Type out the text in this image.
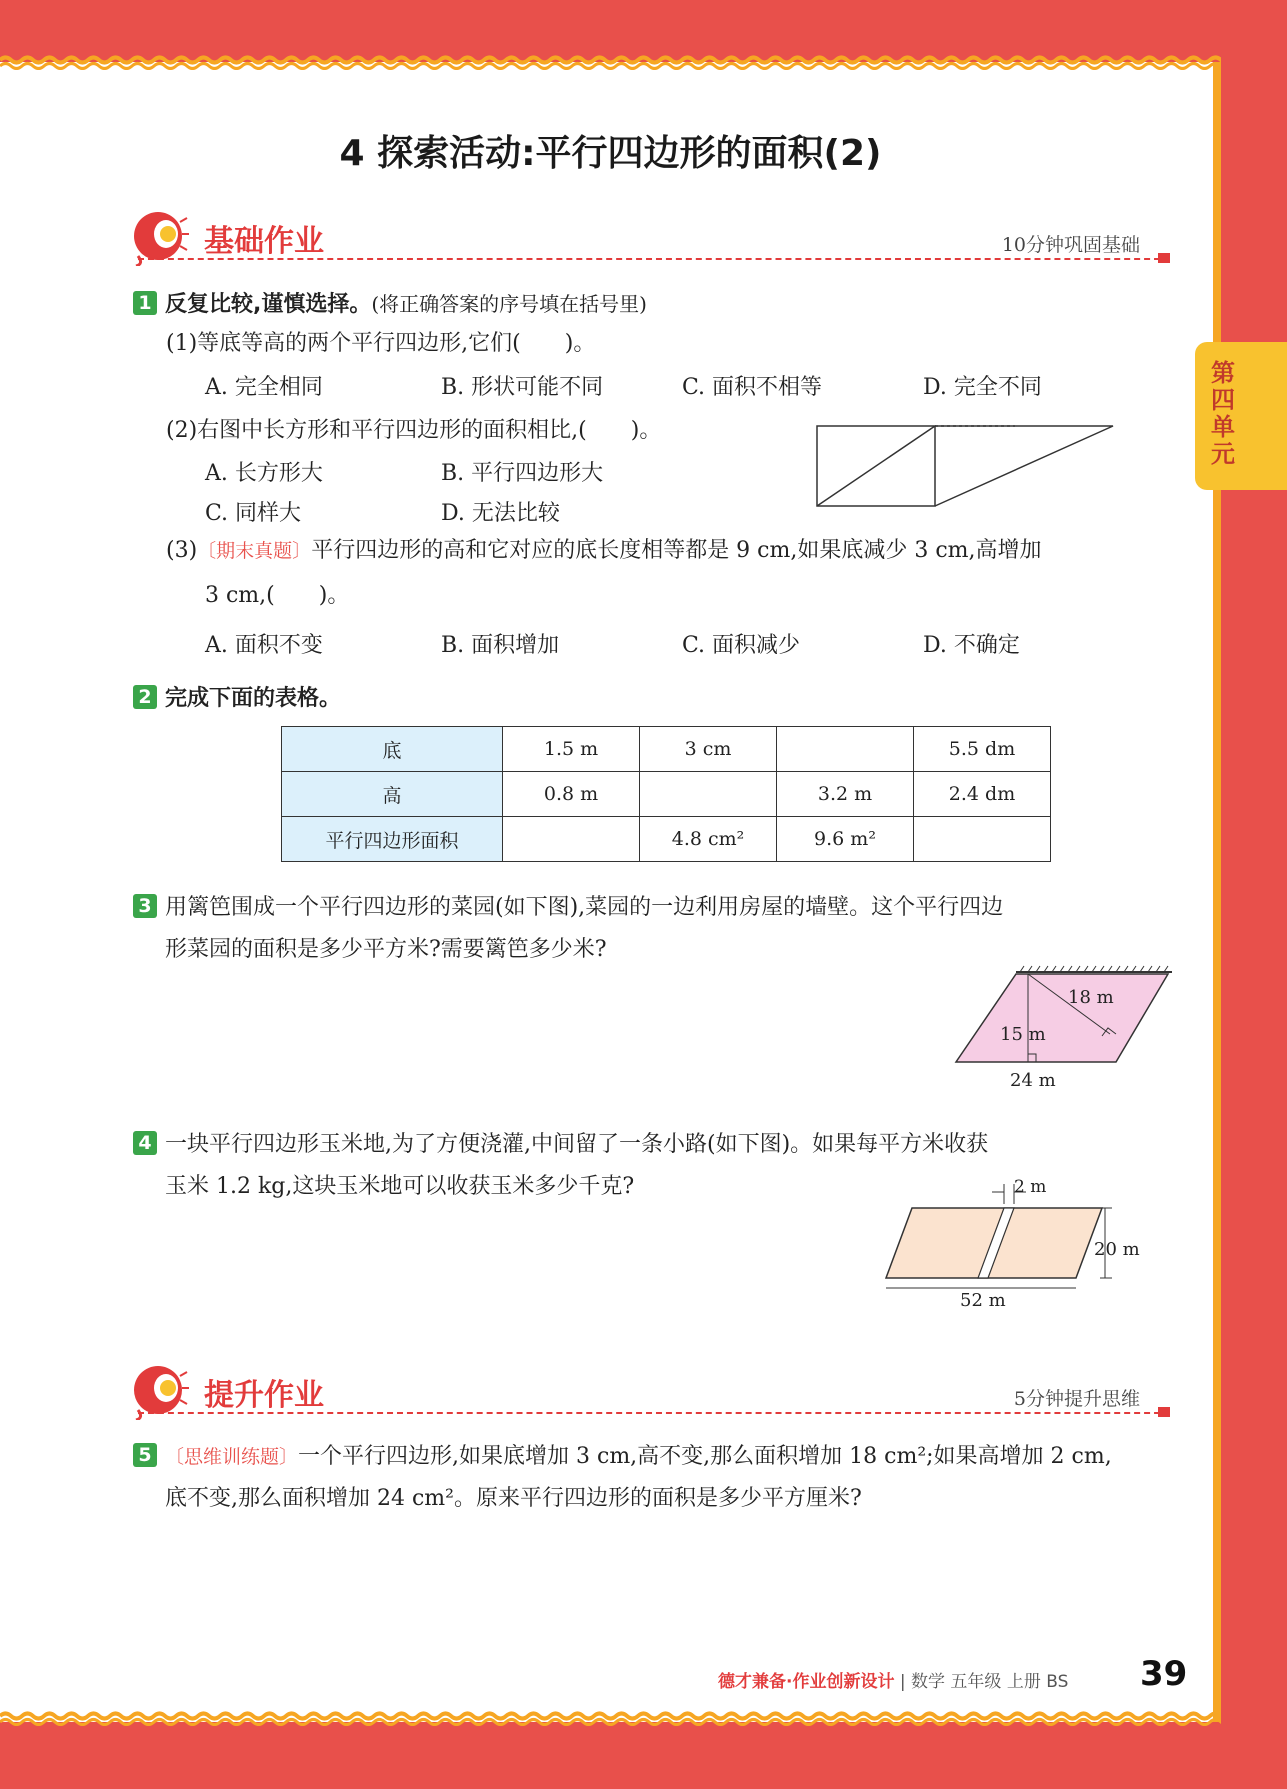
第四单元
4 探索活动:平行四边形的面积(2)
基础作业	10分钟巩固基础
1 反复比较,谨慎选择。(将正确答案的序号填在括号里)
(1)等底等高的两个平行四边形,它们(　　)。
A. 完全相同	B. 形状可能不同	C. 面积不相等	D. 完全不同
(2)右图中长方形和平行四边形的面积相比,(　　)。
A. 长方形大	B. 平行四边形大
C. 同样大	D. 无法比较
(3)〔期末真题〕平行四边形的高和它对应的底长度相等都是 9 cm,如果底减少 3 cm,高增加
3 cm,(　　)。
A. 面积不变	B. 面积增加	C. 面积减少	D. 不确定
2 完成下面的表格。
底	1.5 m	3 cm		5.5 dm
高	0.8 m		3.2 m	2.4 dm
平行四边形面积		4.8 cm²	9.6 m²	
3 用篱笆围成一个平行四边形的菜园(如下图),菜园的一边利用房屋的墙壁。这个平行四边
形菜园的面积是多少平方米?需要篱笆多少米?
18 m
15 m
24 m
4 一块平行四边形玉米地,为了方便浇灌,中间留了一条小路(如下图)。如果每平方米收获
玉米 1.2 kg,这块玉米地可以收获玉米多少千克?	2 m
20 m
52 m
提升作业	5分钟提升思维
5 〔思维训练题〕一个平行四边形,如果底增加 3 cm,高不变,那么面积增加 18 cm²;如果高增加 2 cm,
底不变,那么面积增加 24 cm²。原来平行四边形的面积是多少平方厘米?
德才兼备·作业创新设计 | 数学 五年级 上册 BS 39
